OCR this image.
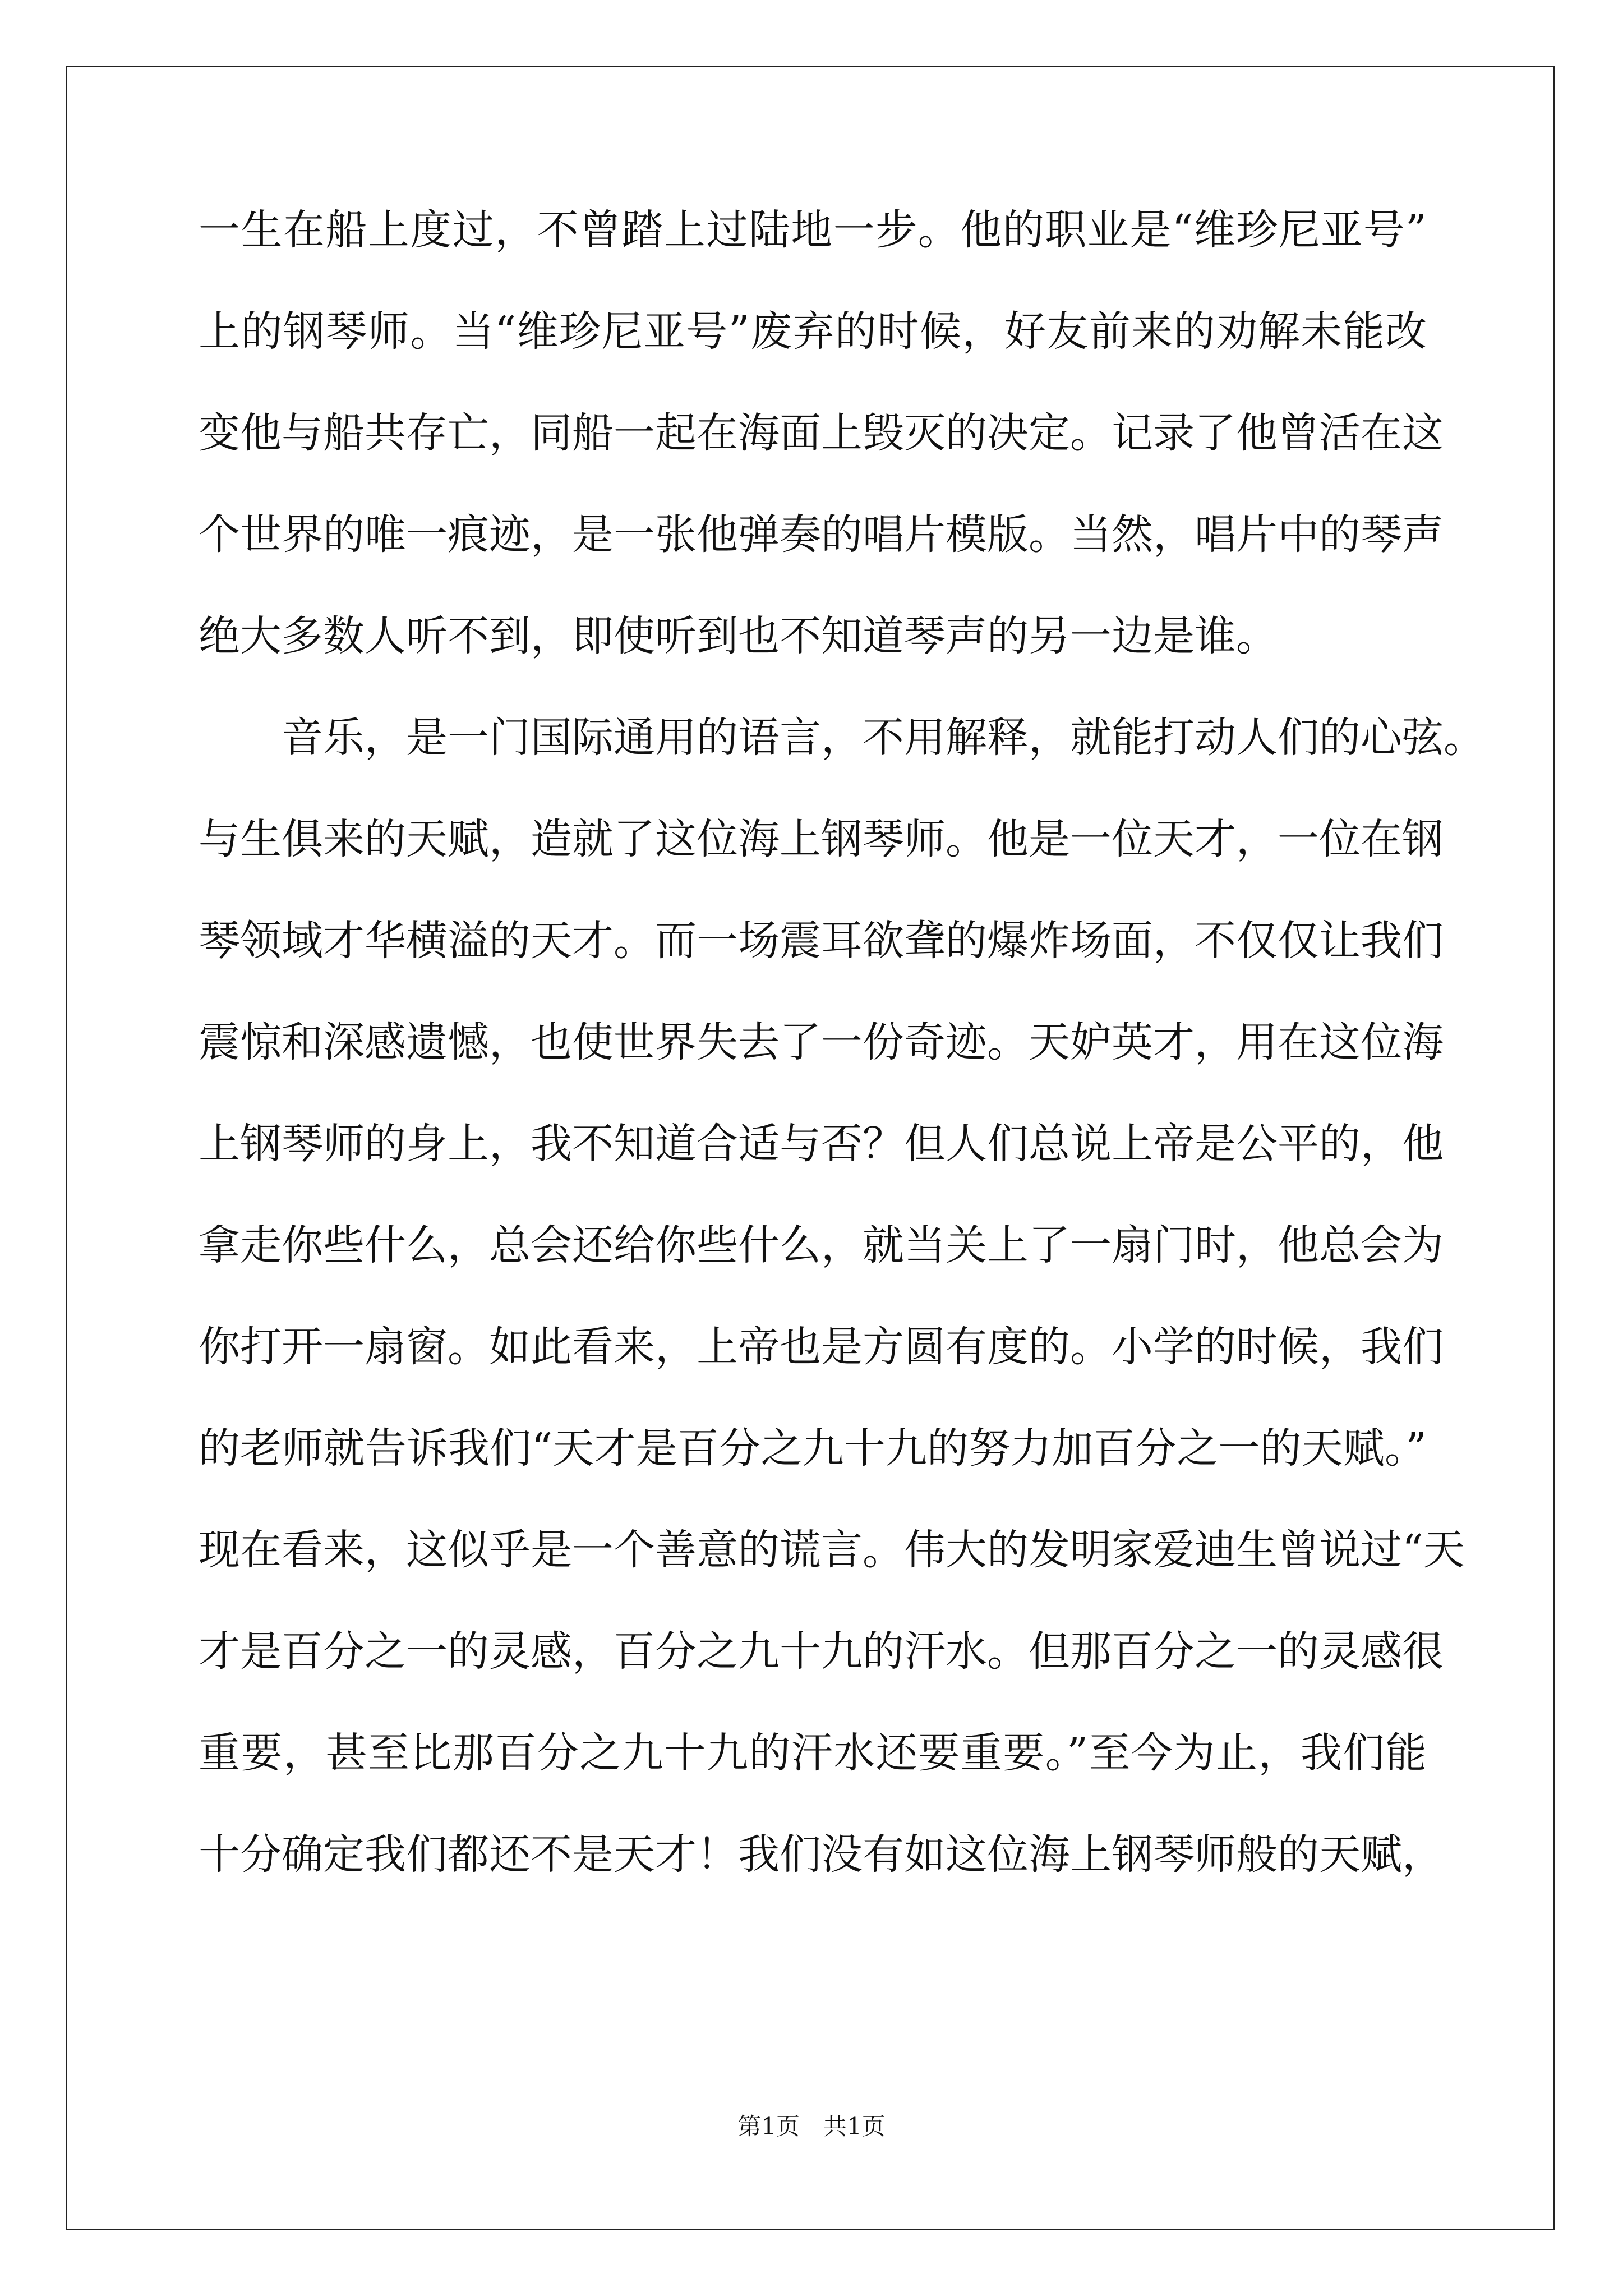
一生在船上度过，不曾踏上过陆地一步。他的职业是“维珍尼亚号”
上的钢琴师。当“维珍尼亚号”废弃的时候，好友前来的劝解未能改
变他与船共存亡，同船一起在海面上毁灭的决定。记录了他曾活在这
个世界的唯一痕迹，是一张他弹奏的唱片模版。当然，唱片中的琴声
绝大多数人听不到，即使听到也不知道琴声的另一边是谁。
音乐，是一门国际通用的语言，不用解释，就能打动人们的心弦。
与生俱来的天赋，造就了这位海上钢琴师。他是一位天才，一位在钢
琴领域才华横溢的天才。而一场震耳欲聋的爆炸场面，不仅仅让我们
震惊和深感遗憾，也使世界失去了一份奇迹。天妒英才，用在这位海
上钢琴师的身上，我不知道合适与否？但人们总说上帝是公平的，他
拿走你些什么，总会还给你些什么，就当关上了一扇门时，他总会为
你打开一扇窗。如此看来，上帝也是方圆有度的。小学的时候，我们
的老师就告诉我们“天才是百分之九十九的努力加百分之一的天赋。”
现在看来，这似乎是一个善意的谎言。伟大的发明家爱迪生曾说过“天
才是百分之一的灵感，百分之九十九的汗水。但那百分之一的灵感很
重要，甚至比那百分之九十九的汗水还要重要。”至今为止，我们能
十分确定我们都还不是天才！我们没有如这位海上钢琴师般的天赋，
第1页　共1页
